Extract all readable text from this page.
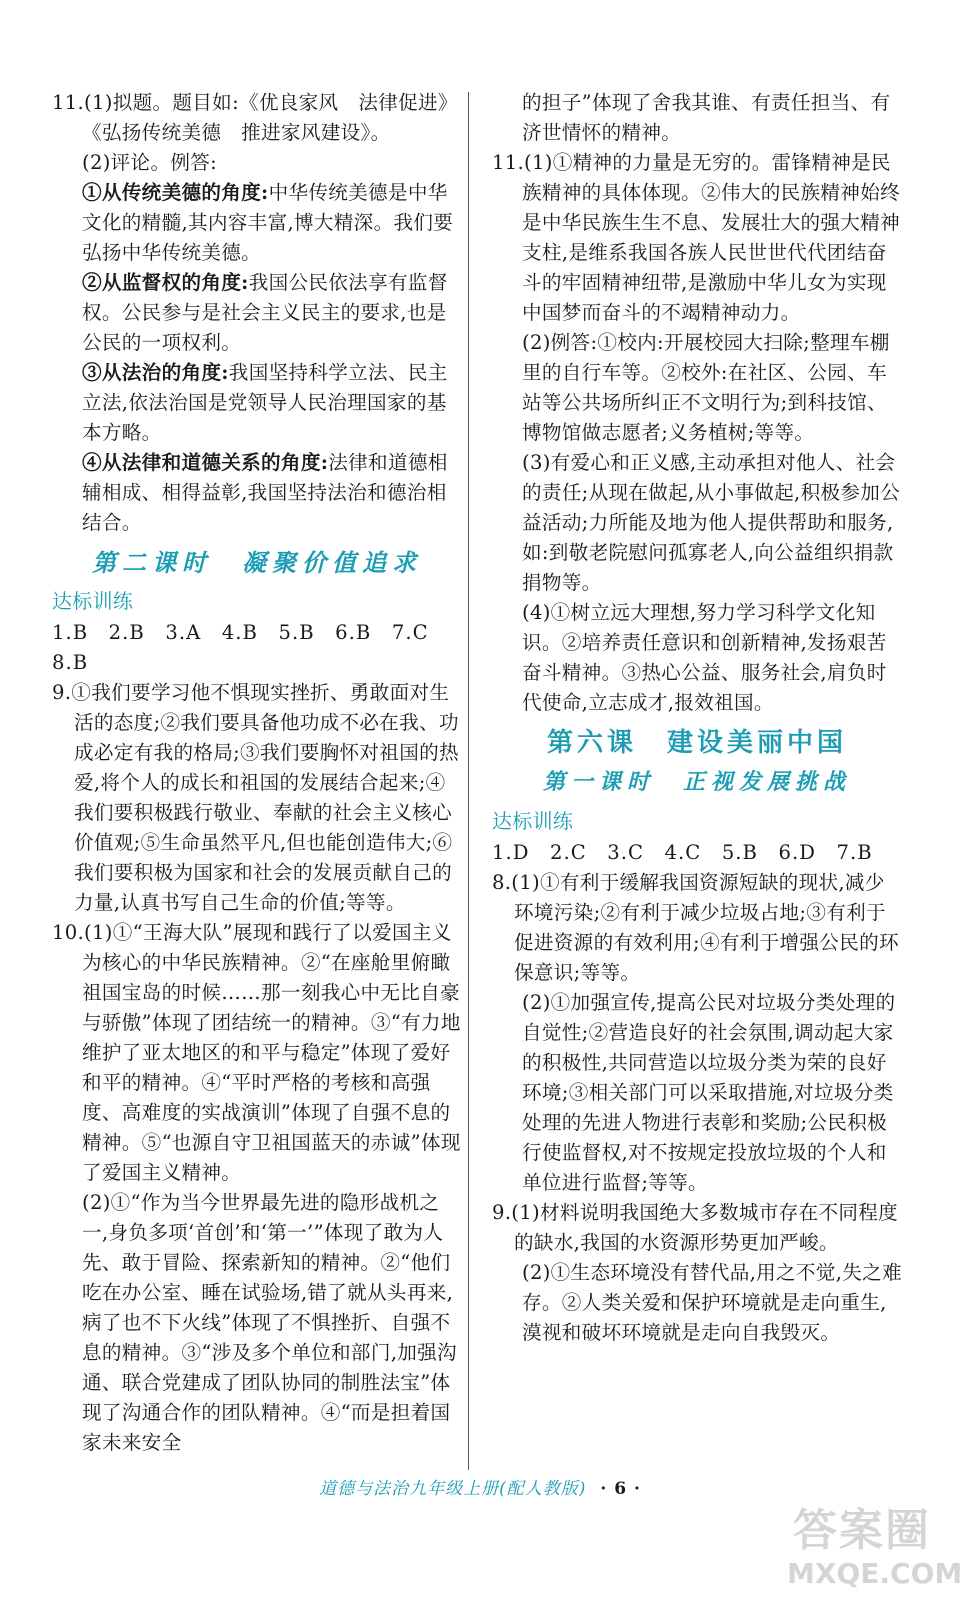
11.(1)拟题。题目如:《优良家风　法律促进》《弘扬传统美德　推进家风建设》。

(2)评论。例答:

①从传统美德的角度:中华传统美德是中华文化的精髓,其内容丰富,博大精深。我们要弘扬中华传统美德。

②从监督权的角度:我国公民依法享有监督权。公民参与是社会主义民主的要求,也是公民的一项权利。

③从法治的角度:我国坚持科学立法、民主立法,依法治国是党领导人民治理国家的基本方略。

④从法律和道德关系的角度:法律和道德相辅相成、相得益彰,我国坚持法治和德治相结合。

第二课时　凝聚价值追求
达标训练

1.B　2.B　3.A　4.B　5.B　6.B　7.C

8.B

9.①我们要学习他不惧现实挫折、勇敢面对生活的态度;②我们要具备他功成不必在我、功成必定有我的格局;③我们要胸怀对祖国的热爱,将个人的成长和祖国的发展结合起来;④我们要积极践行敬业、奉献的社会主义核心价值观;⑤生命虽然平凡,但也能创造伟大;⑥我们要积极为国家和社会的发展贡献自己的力量,认真书写自己生命的价值;等等。

10.(1)①“王海大队”展现和践行了以爱国主义为核心的中华民族精神。②“在座舱里俯瞰祖国宝岛的时候……那一刻我心中无比自豪与骄傲”体现了团结统一的精神。③“有力地维护了亚太地区的和平与稳定”体现了爱好和平的精神。④“平时严格的考核和高强度、高难度的实战演训”体现了自强不息的精神。⑤“也源自守卫祖国蓝天的赤诚”体现了爱国主义精神。

(2)①“作为当今世界最先进的隐形战机之一,身负多项‘首创’和‘第一’”体现了敢为人先、敢于冒险、探索新知的精神。②“他们吃在办公室、睡在试验场,错了就从头再来,病了也不下火线”体现了不惧挫折、自强不息的精神。③“涉及多个单位和部门,加强沟通、联合党建成了团队协同的制胜法宝”体现了沟通合作的团队精神。④“而是担着国家未来安全

的担子”体现了舍我其谁、有责任担当、有济世情怀的精神。

11.(1)①精神的力量是无穷的。雷锋精神是民族精神的具体体现。②伟大的民族精神始终是中华民族生生不息、发展壮大的强大精神支柱,是维系我国各族人民世世代代团结奋斗的牢固精神纽带,是激励中华儿女为实现中国梦而奋斗的不竭精神动力。

(2)例答:①校内:开展校园大扫除;整理车棚里的自行车等。②校外:在社区、公园、车站等公共场所纠正不文明行为;到科技馆、博物馆做志愿者;义务植树;等等。

(3)有爱心和正义感,主动承担对他人、社会的责任;从现在做起,从小事做起,积极参加公益活动;力所能及地为他人提供帮助和服务,如:到敬老院慰问孤寡老人,向公益组织捐款捐物等。

(4)①树立远大理想,努力学习科学文化知识。②培养责任意识和创新精神,发扬艰苦奋斗精神。③热心公益、服务社会,肩负时代使命,立志成才,报效祖国。

第六课　建设美丽中国
第一课时　正视发展挑战
达标训练

1.D　2.C　3.C　4.C　5.B　6.D　7.B

8.(1)①有利于缓解我国资源短缺的现状,减少环境污染;②有利于减少垃圾占地;③有利于促进资源的有效利用;④有利于增强公民的环保意识;等等。

(2)①加强宣传,提高公民对垃圾分类处理的自觉性;②营造良好的社会氛围,调动起大家的积极性,共同营造以垃圾分类为荣的良好环境;③相关部门可以采取措施,对垃圾分类处理的先进人物进行表彰和奖励;公民积极行使监督权,对不按规定投放垃圾的个人和单位进行监督;等等。

9.(1)材料说明我国绝大多数城市存在不同程度的缺水,我国的水资源形势更加严峻。

(2)①生态环境没有替代品,用之不觉,失之难存。②人类关爱和保护环境就是走向重生,漠视和破坏环境就是走向自我毁灭。

道德与法治九年级上册(配人教版) · 6 ·
答案圈
MXQE.COM
